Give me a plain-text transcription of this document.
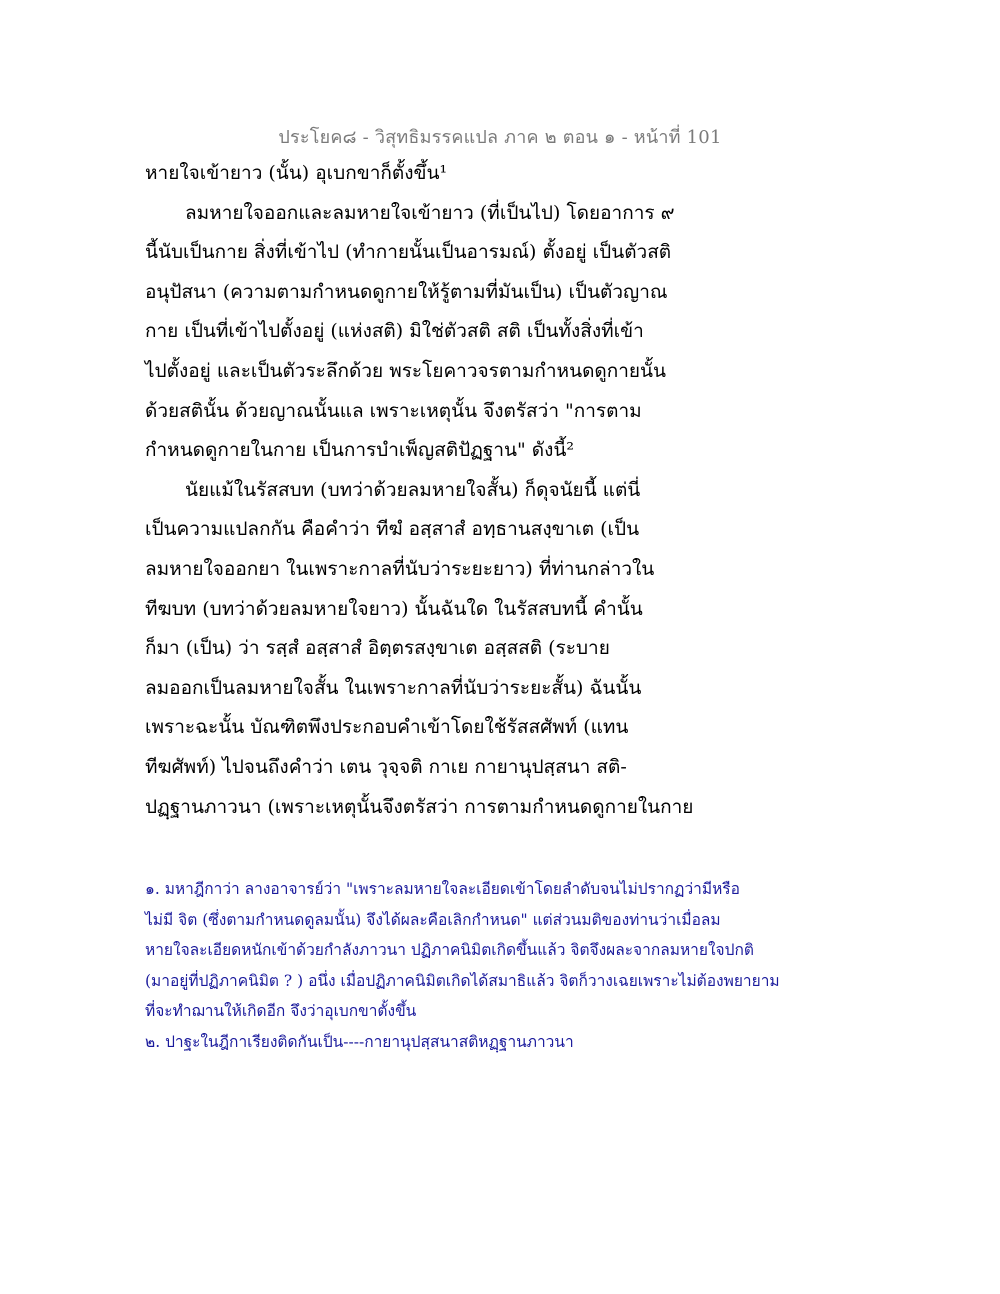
ประโยค๘ - วิสุทธิมรรคแปล ภาค ๒ ตอน ๑ - หน้าที่ 101
หายใจเข้ายาว (นั้น) อุเบกขาก็ตั้งขึ้น¹
ลมหายใจออกและลมหายใจเข้ายาว (ที่เป็นไป) โดยอาการ ๙
นี้นับเป็นกาย สิ่งที่เข้าไป (ทำกายนั้นเป็นอารมณ์) ตั้งอยู่ เป็นตัวสติ
อนุปัสนา (ความตามกำหนดดูกายให้รู้ตามที่มันเป็น) เป็นตัวญาณ
กาย เป็นที่เข้าไปตั้งอยู่ (แห่งสติ) มิใช่ตัวสติ สติ เป็นทั้งสิ่งที่เข้า
ไปตั้งอยู่ และเป็นตัวระลึกด้วย พระโยคาวจรตามกำหนดดูกายนั้น
ด้วยสตินั้น ด้วยญาณนั้นแล เพราะเหตุนั้น จึงตรัสว่า "การตาม
กำหนดดูกายในกาย เป็นการบำเพ็ญสติปัฏฐาน" ดังนี้²
นัยแม้ในรัสสบท (บทว่าด้วยลมหายใจสั้น) ก็ดุจนัยนี้ แต่นี่
เป็นความแปลกกัน คือคำว่า ทีฆํ อสฺสาสํ อทฺธานสงฺขาเต (เป็น
ลมหายใจออกยา ในเพราะกาลที่นับว่าระยะยาว) ที่ท่านกล่าวใน
ทีฆบท (บทว่าด้วยลมหายใจยาว) นั้นฉันใด ในรัสสบทนี้ คำนั้น
ก็มา (เป็น) ว่า รสฺสํ อสฺสาสํ อิตฺตรสงฺขาเต อสฺสสติ (ระบาย
ลมออกเป็นลมหายใจสั้น ในเพราะกาลที่นับว่าระยะสั้น) ฉันนั้น
เพราะฉะนั้น บัณฑิตพึงประกอบคำเข้าโดยใช้รัสสศัพท์ (แทน
ทีฆศัพท์) ไปจนถึงคำว่า เตน วุจฺจติ กาเย กายานุปสฺสนา สติ-
ปฏฺฐานภาวนา (เพราะเหตุนั้นจึงตรัสว่า การตามกำหนดดูกายในกาย
๑. มหาฎีกาว่า ลางอาจารย์ว่า "เพราะลมหายใจละเอียดเข้าโดยลำดับจนไม่ปรากฏว่ามีหรือ
ไม่มี จิต (ซึ่งตามกำหนดดูลมนั้น) จึงได้ผละคือเลิกกำหนด" แต่ส่วนมติของท่านว่าเมื่อลม
หายใจละเอียดหนักเข้าด้วยกำลังภาวนา ปฏิภาคนิมิตเกิดขึ้นแล้ว จิตจึงผละจากลมหายใจปกติ
(มาอยู่ที่ปฏิภาคนิมิต ? ) อนึ่ง เมื่อปฏิภาคนิมิตเกิดได้สมาธิแล้ว จิตก็วางเฉยเพราะไม่ต้องพยายาม
ที่จะทำฌานให้เกิดอีก จึงว่าอุเบกขาตั้งขึ้น
๒. ปาฐะในฎีกาเรียงติดกันเป็น----กายานุปสฺสนาสติหฏฺฐานภาวนา
